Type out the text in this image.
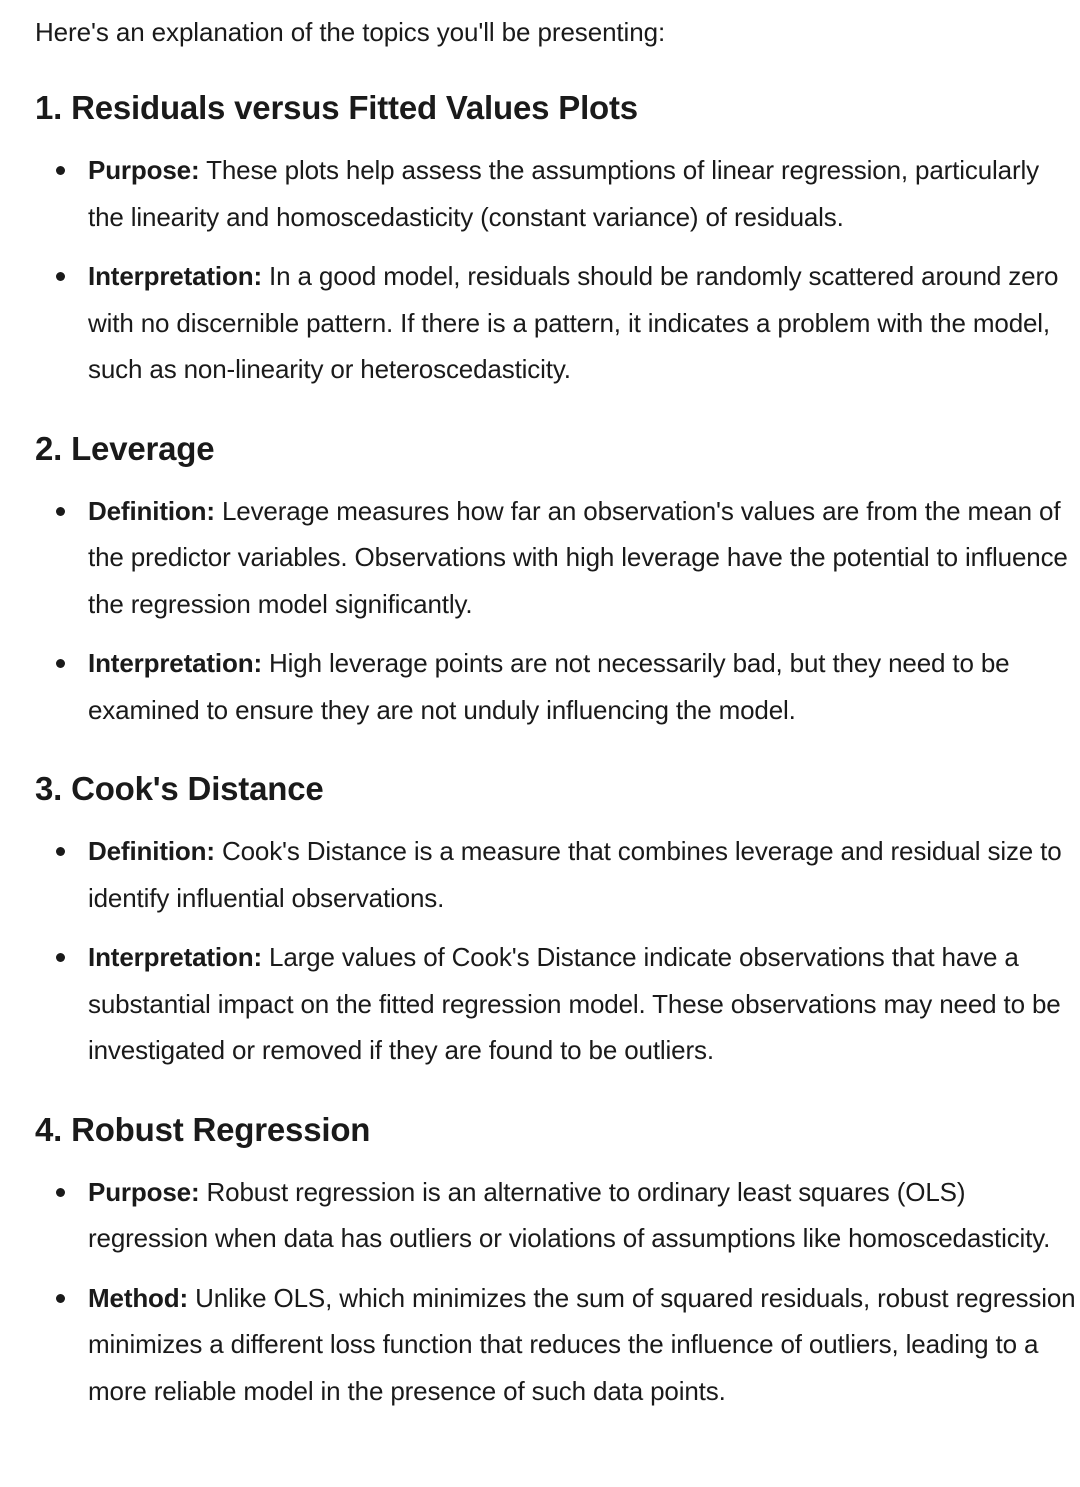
Here's an explanation of the topics you'll be presenting:

1. Residuals versus Fitted Values Plots
Purpose: These plots help assess the assumptions of linear regression, particularly the linearity and homoscedasticity (constant variance) of residuals.
Interpretation: In a good model, residuals should be randomly scattered around zero with no discernible pattern. If there is a pattern, it indicates a problem with the model, such as non-linearity or heteroscedasticity.
2. Leverage
Definition: Leverage measures how far an observation's values are from the mean of the predictor variables. Observations with high leverage have the potential to influence the regression model significantly.
Interpretation: High leverage points are not necessarily bad, but they need to be examined to ensure they are not unduly influencing the model.
3. Cook's Distance
Definition: Cook's Distance is a measure that combines leverage and residual size to identify influential observations.
Interpretation: Large values of Cook's Distance indicate observations that have a substantial impact on the fitted regression model. These observations may need to be investigated or removed if they are found to be outliers.
4. Robust Regression
Purpose: Robust regression is an alternative to ordinary least squares (OLS) regression when data has outliers or violations of assumptions like homoscedasticity.
Method: Unlike OLS, which minimizes the sum of squared residuals, robust regression minimizes a different loss function that reduces the influence of outliers, leading to a more reliable model in the presence of such data points.
